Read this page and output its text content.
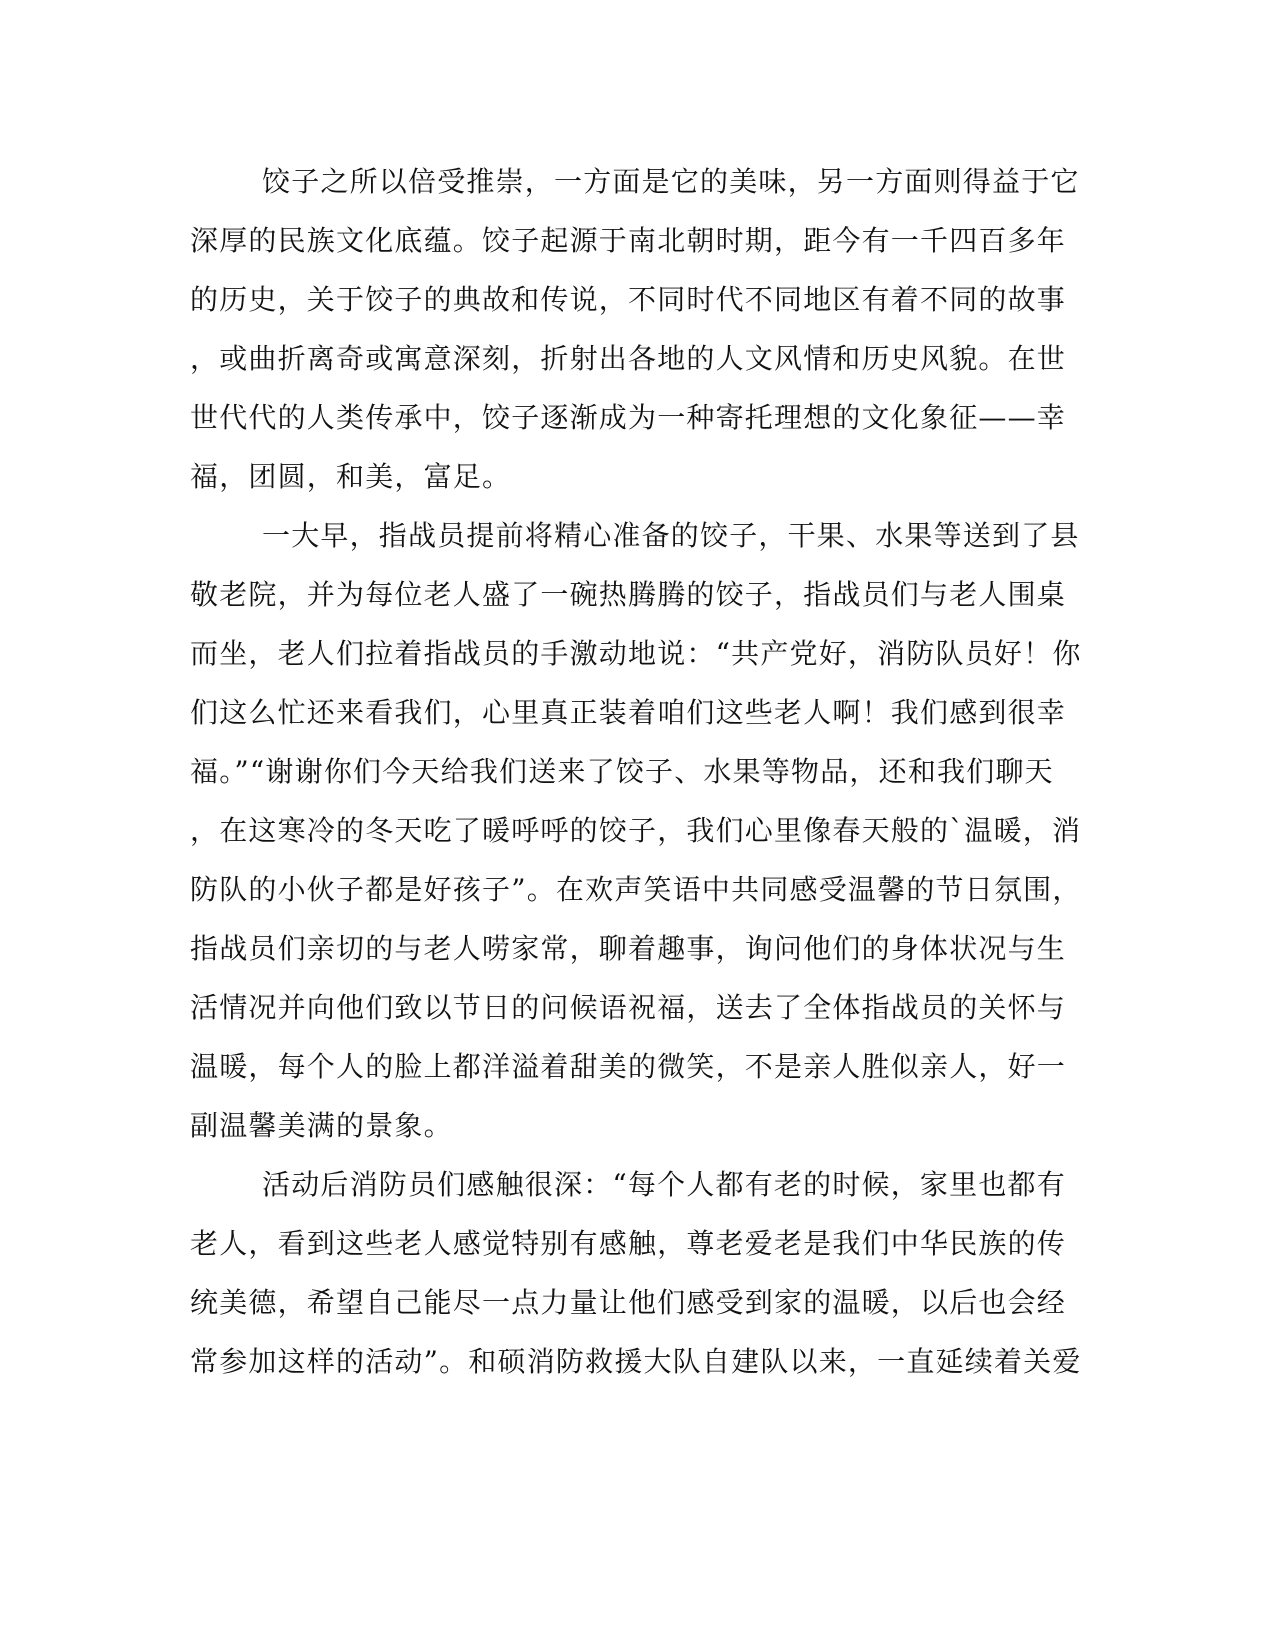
饺子之所以倍受推崇，一方面是它的美味，另一方面则得益于它
深厚的民族文化底蕴。饺子起源于南北朝时期，距今有一千四百多年
的历史，关于饺子的典故和传说，不同时代不同地区有着不同的故事
，或曲折离奇或寓意深刻，折射出各地的人文风情和历史风貌。在世
世代代的人类传承中，饺子逐渐成为一种寄托理想的文化象征——幸
福，团圆，和美，富足。
一大早，指战员提前将精心准备的饺子，干果、水果等送到了县
敬老院，并为每位老人盛了一碗热腾腾的饺子，指战员们与老人围桌
而坐，老人们拉着指战员的手激动地说：“共产党好，消防队员好！你
们这么忙还来看我们，心里真正装着咱们这些老人啊！我们感到很幸
福。”“谢谢你们今天给我们送来了饺子、水果等物品，还和我们聊天
，在这寒冷的冬天吃了暖呼呼的饺子，我们心里像春天般的`温暖，消
防队的小伙子都是好孩子”。在欢声笑语中共同感受温馨的节日氛围，
指战员们亲切的与老人唠家常，聊着趣事，询问他们的身体状况与生
活情况并向他们致以节日的问候语祝福，送去了全体指战员的关怀与
温暖，每个人的脸上都洋溢着甜美的微笑，不是亲人胜似亲人，好一
副温馨美满的景象。
活动后消防员们感触很深：“每个人都有老的时候，家里也都有
老人，看到这些老人感觉特别有感触，尊老爱老是我们中华民族的传
统美德，希望自己能尽一点力量让他们感受到家的温暖，以后也会经
常参加这样的活动”。和硕消防救援大队自建队以来，一直延续着关爱
